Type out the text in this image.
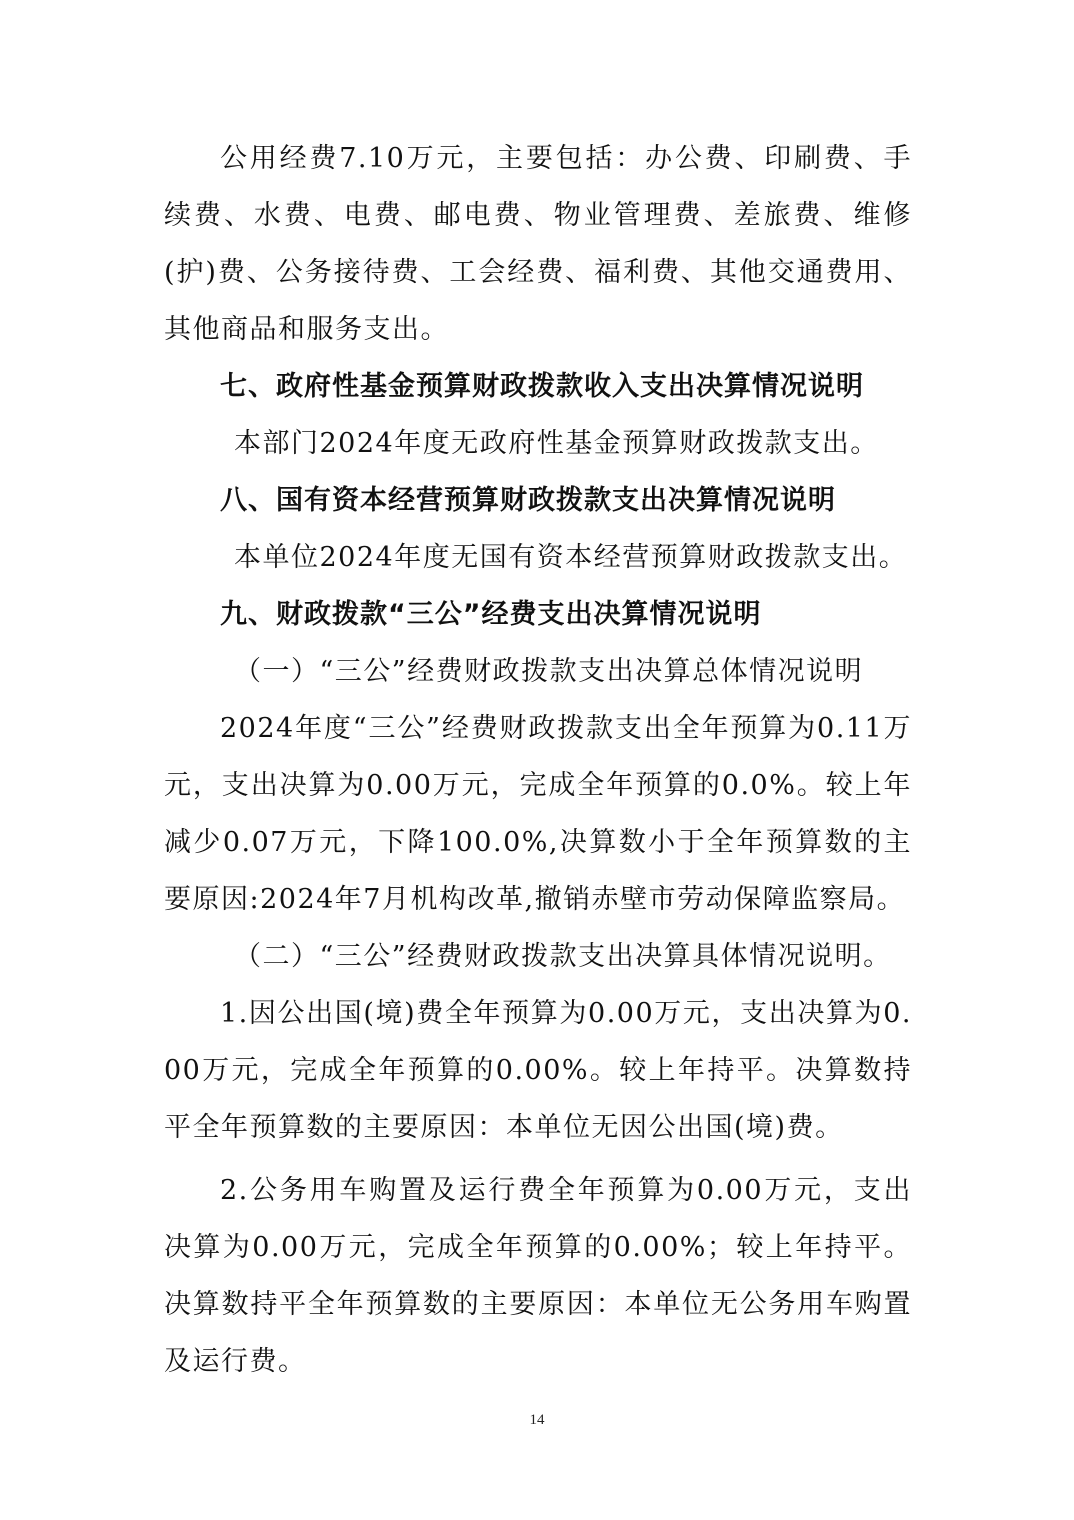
公用经费7.10万元，主要包括：办公费、印刷费、手续费、水费、电费、邮电费、物业管理费、差旅费、维修(护)费、公务接待费、工会经费、福利费、其他交通费用、其他商品和服务支出。

七、政府性基金预算财政拨款收入支出决算情况说明

本部门2024年度无政府性基金预算财政拨款支出。

八、国有资本经营预算财政拨款支出决算情况说明

本单位2024年度无国有资本经营预算财政拨款支出。

九、财政拨款“三公”经费支出决算情况说明

（一）“三公”经费财政拨款支出决算总体情况说明

2024年度“三公”经费财政拨款支出全年预算为0.11万元，支出决算为0.00万元，完成全年预算的0.0%。较上年减少0.07万元，下降100.0%,决算数小于全年预算数的主要原因:2024年7月机构改革,撤销赤壁市劳动保障监察局。

（二）“三公”经费财政拨款支出决算具体情况说明。

1.因公出国(境)费全年预算为0.00万元，支出决算为0.00万元，完成全年预算的0.00%。较上年持平。决算数持平全年预算数的主要原因：本单位无因公出国(境)费。

2.公务用车购置及运行费全年预算为0.00万元，支出决算为0.00万元，完成全年预算的0.00%；较上年持平。决算数持平全年预算数的主要原因：本单位无公务用车购置及运行费。

14
